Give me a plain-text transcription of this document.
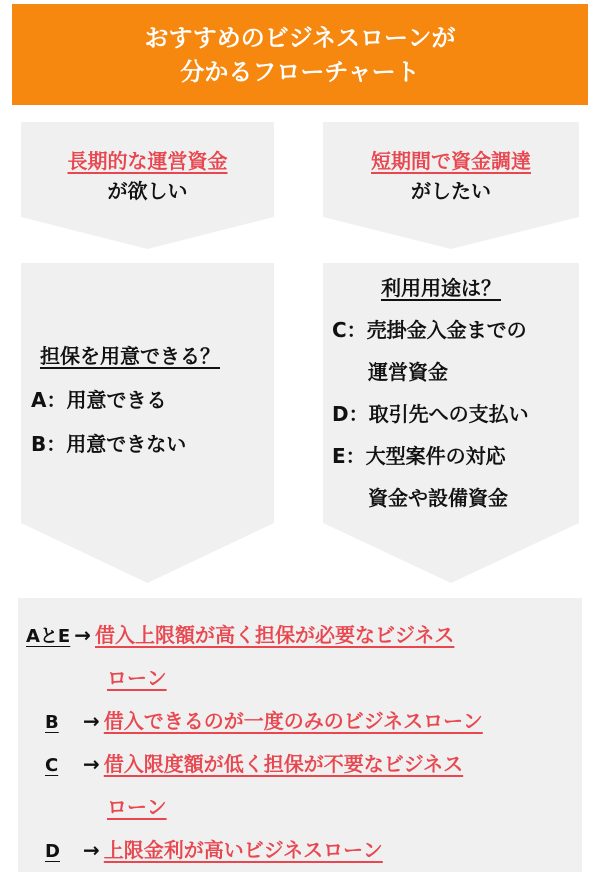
おすすめのビジネスローンが
分かるフローチャート
長期的な運営資金
が欲しい
短期間で資金調達
がしたい
担保を用意できる？
A：用意できる
B：用意できない
利用用途は？
C：売掛金入金までの
運営資金
D：取引先への支払い
E：大型案件の対応
資金や設備資金
AとE → 借入上限額が高く担保が必要なビジネス
ローン
B → 借入できるのが一度のみのビジネスローン
C → 借入限度額が低く担保が不要なビジネス
ローン
D → 上限金利が高いビジネスローン
